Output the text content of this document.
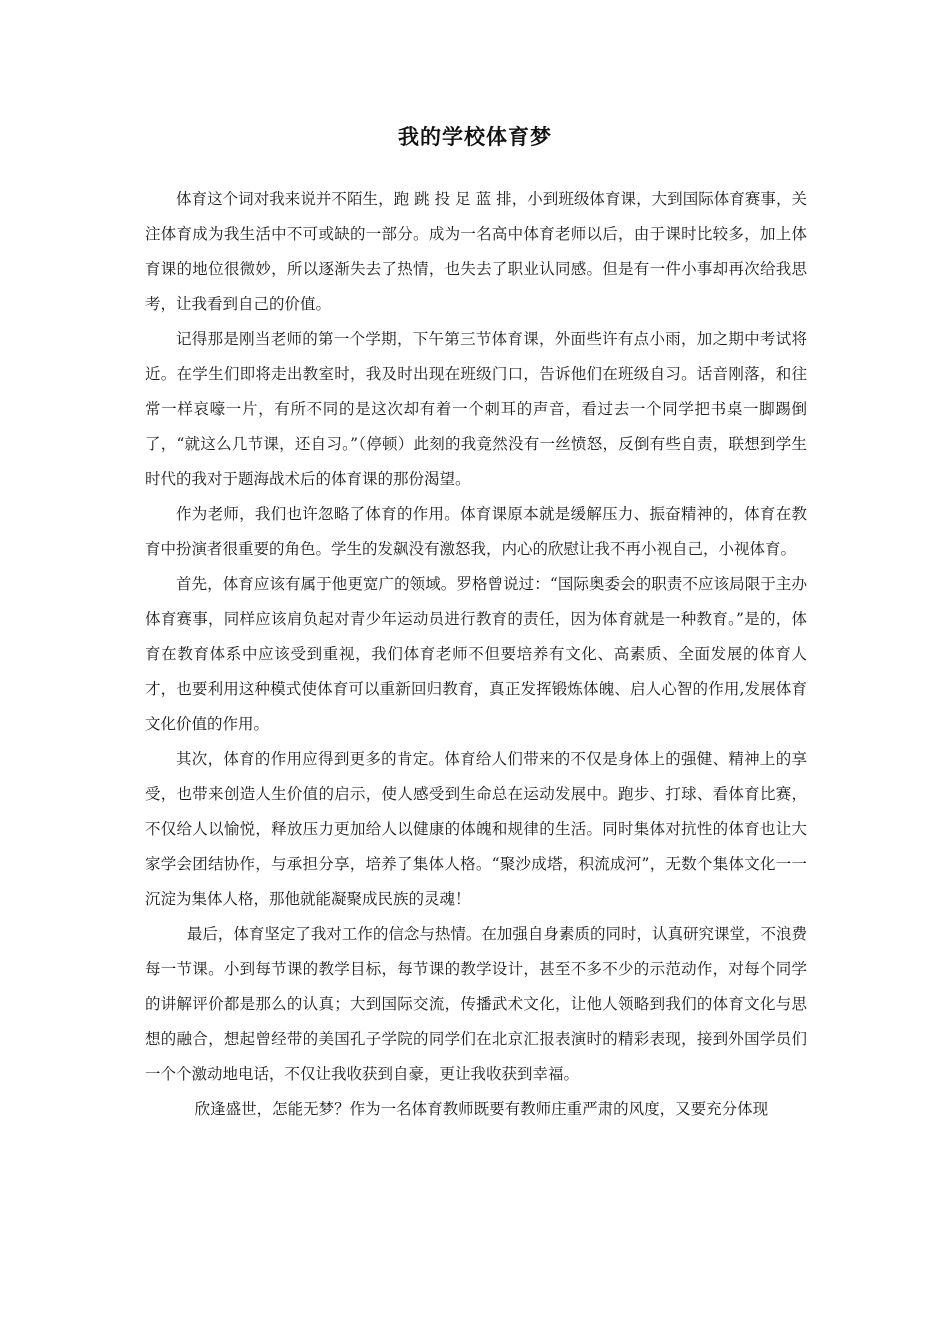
我的学校体育梦

体育这个词对我来说并不陌生，跑 跳 投 足 蓝 排，小到班级体育课，大到国际体育赛事，关注体育成为我生活中不可或缺的一部分。成为一名高中体育老师以后，由于课时比较多，加上体育课的地位很微妙，所以逐渐失去了热情，也失去了职业认同感。但是有一件小事却再次给我思考，让我看到自己的价值。

记得那是刚当老师的第一个学期，下午第三节体育课，外面些许有点小雨，加之期中考试将近。在学生们即将走出教室时，我及时出现在班级门口，告诉他们在班级自习。话音刚落，和往常一样哀嚎一片，有所不同的是这次却有着一个刺耳的声音，看过去一个同学把书桌一脚踢倒了，“就这么几节课，还自习。”（停顿）此刻的我竟然没有一丝愤怒，反倒有些自责，联想到学生时代的我对于题海战术后的体育课的那份渴望。

作为老师，我们也许忽略了体育的作用。体育课原本就是缓解压力、振奋精神的，体育在教育中扮演者很重要的角色。学生的发飙没有激怒我，内心的欣慰让我不再小视自己，小视体育。

首先，体育应该有属于他更宽广的领域。罗格曾说过：“国际奥委会的职责不应该局限于主办体育赛事，同样应该肩负起对青少年运动员进行教育的责任，因为体育就是一种教育。”是的，体育在教育体系中应该受到重视，我们体育老师不但要培养有文化、高素质、全面发展的体育人才，也要利用这种模式使体育可以重新回归教育，真正发挥锻炼体魄、启人心智的作用,发展体育文化价值的作用。

其次，体育的作用应得到更多的肯定。体育给人们带来的不仅是身体上的强健、精神上的享受，也带来创造人生价值的启示，使人感受到生命总在运动发展中。跑步、打球、看体育比赛，不仅给人以愉悦，释放压力更加给人以健康的体魄和规律的生活。同时集体对抗性的体育也让大家学会团结协作，与承担分享，培养了集体人格。“聚沙成塔，积流成河”，无数个集体文化一一沉淀为集体人格，那他就能凝聚成民族的灵魂！

最后，体育坚定了我对工作的信念与热情。在加强自身素质的同时，认真研究课堂，不浪费每一节课。小到每节课的教学目标，每节课的教学设计，甚至不多不少的示范动作，对每个同学的讲解评价都是那么的认真；大到国际交流，传播武术文化，让他人领略到我们的体育文化与思想的融合，想起曾经带的美国孔子学院的同学们在北京汇报表演时的精彩表现，接到外国学员们一个个激动地电话，不仅让我收获到自豪，更让我收获到幸福。

欣逢盛世，怎能无梦？作为一名体育教师既要有教师庄重严肃的风度，又要充分体现
